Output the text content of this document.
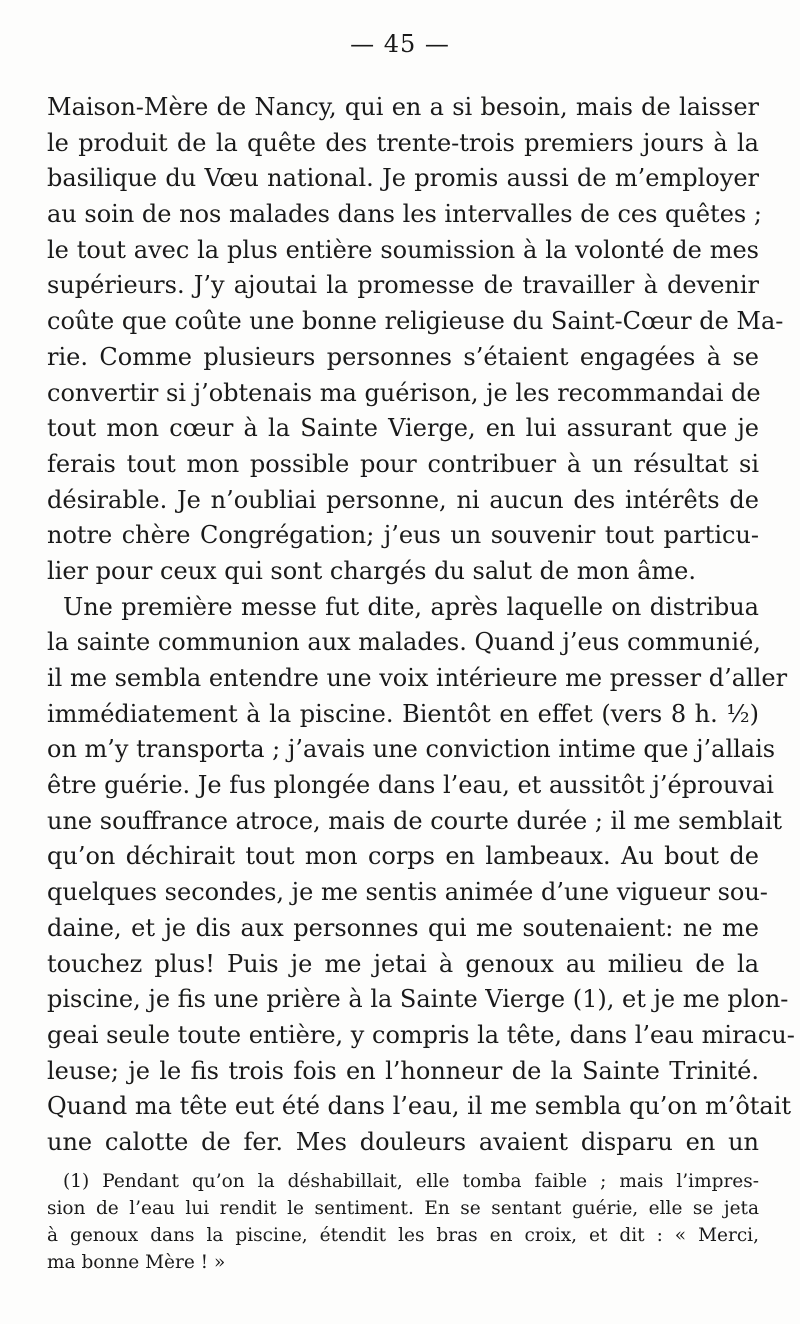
— 45 —
Maison-Mère de Nancy, qui en a si besoin, mais de laisser
le produit de la quête des trente-trois premiers jours à la
basilique du Vœu national. Je promis aussi de m’employer
au soin de nos malades dans les intervalles de ces quêtes ;
le tout avec la plus entière soumission à la volonté de mes
supérieurs. J’y ajoutai la promesse de travailler à devenir
coûte que coûte une bonne religieuse du Saint-Cœur de Ma-
rie. Comme plusieurs personnes s’étaient engagées à se
convertir si j’obtenais ma guérison, je les recommandai de
tout mon cœur à la Sainte Vierge, en lui assurant que je
ferais tout mon possible pour contribuer à un résultat si
désirable. Je n’oubliai personne, ni aucun des intérêts de
notre chère Congrégation; j’eus un souvenir tout particu-
lier pour ceux qui sont chargés du salut de mon âme.
Une première messe fut dite, après laquelle on distribua
la sainte communion aux malades. Quand j’eus communié,
il me sembla entendre une voix intérieure me presser d’aller
immédiatement à la piscine. Bientôt en effet (vers 8 h. ½)
on m’y transporta ; j’avais une conviction intime que j’allais
être guérie. Je fus plongée dans l’eau, et aussitôt j’éprouvai
une souffrance atroce, mais de courte durée ; il me semblait
qu’on déchirait tout mon corps en lambeaux. Au bout de
quelques secondes, je me sentis animée d’une vigueur sou-
daine, et je dis aux personnes qui me soutenaient: ne me
touchez plus! Puis je me jetai à genoux au milieu de la
piscine, je fis une prière à la Sainte Vierge (1), et je me plon-
geai seule toute entière, y compris la tête, dans l’eau miracu-
leuse; je le fis trois fois en l’honneur de la Sainte Trinité.
Quand ma tête eut été dans l’eau, il me sembla qu’on m’ôtait
une calotte de fer. Mes douleurs avaient disparu en un
(1) Pendant qu’on la déshabillait, elle tomba faible ; mais l’impres-
sion de l’eau lui rendit le sentiment. En se sentant guérie, elle se jeta
à genoux dans la piscine, étendit les bras en croix, et dit : « Merci,
ma bonne Mère ! »
